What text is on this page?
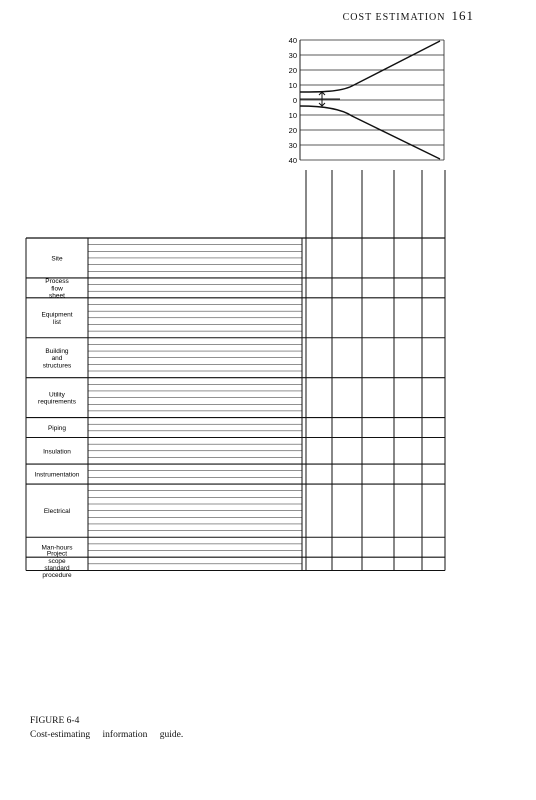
COST ESTIMATION 161
40
30
20
10
0
10
20
30
40
Site
Process flow sheet
Equipment list
Building and structures
Utility requirements
Piping
Insulation
Instrumentation
Electrical
Man-hours
Project scope standard procedure
FIGURE 6-4
Cost-estimating information guide.
